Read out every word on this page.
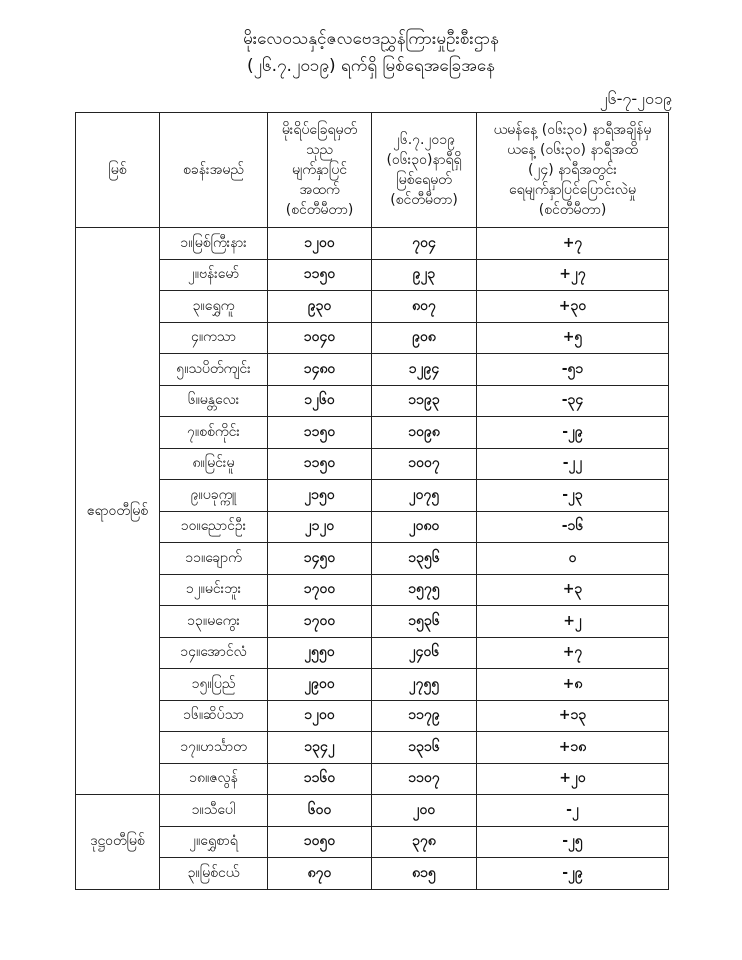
မိုးလေဝသနှင့်ဇလဗေဒညွှန်ကြားမှုဦးစီးဌာန
(၂၆.၇.၂၀၁၉) ရက်ရှိ မြစ်ရေအခြေအနေ
၂၆-၇-၂၀၁၉
မြစ်	စခန်းအမည်	မိုးရိပ်ခြေရမှတ်
သုည
မျက်နှာပြင်
အထက်
(စင်တီမီတာ)	၂၆.၇.၂၀၁၉
(၀၆း၃၀)နာရီရှိ
မြစ်ရေမှတ်
(စင်တီမီတာ)	ယမန်နေ့ (၀၆း၃၀) နာရီအချိန်မှ
ယနေ့ (၀၆း၃၀) နာရီအထိ
(၂၄) နာရီအတွင်း
ရေမျက်နှာပြင်ပြောင်းလဲမှု
(စင်တီမီတာ)

ဧရာဝတီမြစ်	၁။မြစ်ကြီးနား	၁၂၀၀	၇၀၄	+၇
	၂။ဗန်းမော်	၁၁၅၀	၉၂၃	+၂၇
	၃။ရွှေကူ	၉၃၀	၈၀၇	+၃၀
	၄။ကသာ	၁၀၄၀	၉၀၈	+၅
	၅။သပိတ်ကျင်း	၁၄၈၀	၁၂၉၄	-၅၁
	၆။မန္တလေး	၁၂၆၀	၁၁၉၃	-၃၄
	၇။စစ်ကိုင်း	၁၁၅၀	၁၀၉၈	-၂၉
	၈။မြင်းမူ	၁၁၅၀	၁၀၀၇	-၂၂
	၉။ပခုက္ကူ	၂၁၅၀	၂၀၇၅	-၂၃
	၁၀။ညောင်ဦး	၂၁၂၀	၂၀၈၀	-၁၆
	၁၁။ချောက်	၁၄၅၀	၁၃၅၆	၀
	၁၂။မင်းဘူး	၁၇၀၀	၁၅၇၅	+၃
	၁၃။မကွေး	၁၇၀၀	၁၅၃၆	+၂
	၁၄။အောင်လံ	၂၅၅၀	၂၄၀၆	+၇
	၁၅။ပြည်	၂၉၀၀	၂၇၅၅	+၈
	၁၆။ဆိပ်သာ	၁၂၀၀	၁၁၇၉	+၁၃
	၁၇။ဟင်္သာတ	၁၃၄၂	၁၃၁၆	+၁၈
	၁၈။ဇလွန်	၁၁၆၀	၁၁၀၇	+၂၀
ဒုဋ္ဌဝတီမြစ်	၁။သီပေါ	၆၀၀	၂၀၀	-၂
	၂။ရွှေစာရံ	၁၀၅၀	၃၇၈	-၂၅
	၃။မြစ်ငယ်	၈၇၀	၈၁၅	-၂၉
